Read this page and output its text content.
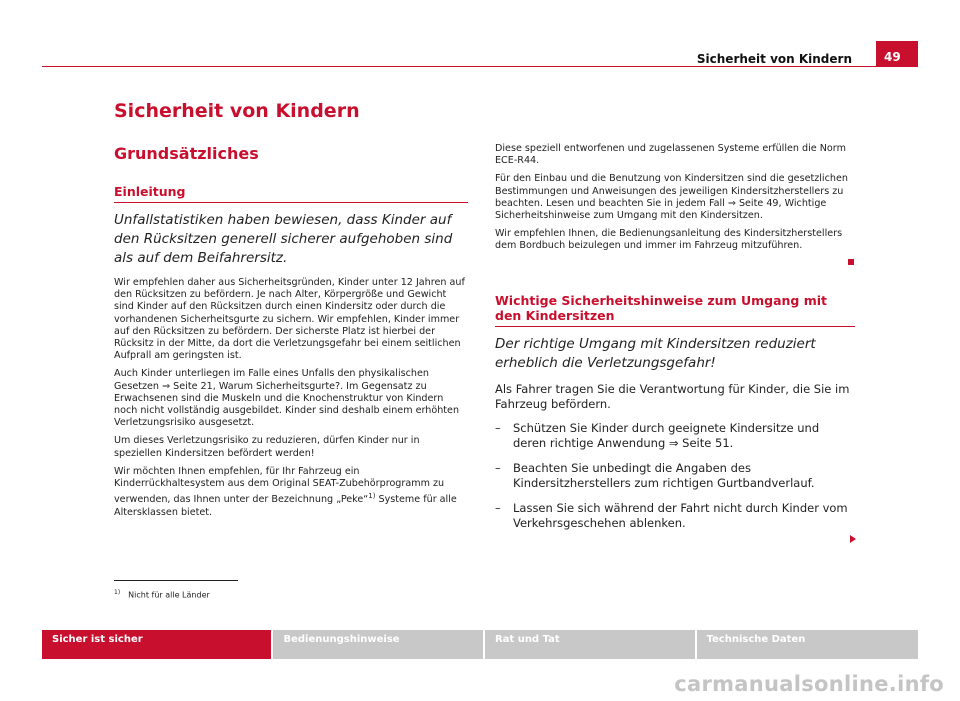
Sicherheit von Kindern	49
Sicherheit von Kindern
Grundsätzliches
Einleitung

Unfallstatistiken haben bewiesen, dass Kinder auf den Rücksitzen generell sicherer aufgehoben sind als auf dem Beifahrersitz.

Wir empfehlen daher aus Sicherheitsgründen, Kinder unter 12 Jahren auf den Rücksitzen zu befördern. Je nach Alter, Körpergröße und Gewicht sind Kinder auf den Rücksitzen durch einen Kindersitz oder durch die vorhandenen Sicherheitsgurte zu sichern. Wir empfehlen, Kinder immer auf den Rücksitzen zu befördern. Der sicherste Platz ist hierbei der Rücksitz in der Mitte, da dort die Verletzungsgefahr bei einem seitlichen Aufprall am geringsten ist.

Auch Kinder unterliegen im Falle eines Unfalls den physikalischen Gesetzen ⇒ Seite 21, Warum Sicherheitsgurte?. Im Gegensatz zu Erwachsenen sind die Muskeln und die Knochenstruktur von Kindern noch nicht vollständig ausgebildet. Kinder sind deshalb einem erhöhten Verletzungsrisiko ausgesetzt.

Um dieses Verletzungsrisiko zu reduzieren, dürfen Kinder nur in speziellen Kindersitzen befördert werden!

Wir möchten Ihnen empfehlen, für Ihr Fahrzeug ein Kinderrückhaltesystem aus dem Original SEAT-Zubehörprogramm zu verwenden, das Ihnen unter der Bezeichnung „Peke“$^{1)}$ Systeme für alle Altersklassen bietet.

Diese speziell entworfenen und zugelassenen Systeme erfüllen die Norm ECE-R44.

Für den Einbau und die Benutzung von Kindersitzen sind die gesetzlichen Bestimmungen und Anweisungen des jeweiligen Kindersitzherstellers zu beachten. Lesen und beachten Sie in jedem Fall ⇒ Seite 49, Wichtige Sicherheitshinweise zum Umgang mit den Kindersitzen.

Wir empfehlen Ihnen, die Bedienungsanleitung des Kindersitzherstellers dem Bordbuch beizulegen und immer im Fahrzeug mitzuführen.

Wichtige Sicherheitshinweise zum Umgang mit den Kindersitzen

Der richtige Umgang mit Kindersitzen reduziert erheblich die Verletzungsgefahr!

Als Fahrer tragen Sie die Verantwortung für Kinder, die Sie im Fahrzeug befördern.

– Schützen Sie Kinder durch geeignete Kindersitze und deren richtige Anwendung ⇒ Seite 51.
– Beachten Sie unbedingt die Angaben des Kindersitzherstellers zum richtigen Gurtbandverlauf.
– Lassen Sie sich während der Fahrt nicht durch Kinder vom Verkehrsgeschehen ablenken.
$^{1)}$ Nicht für alle Länder
Sicher ist sicher	Bedienungshinweise	Rat und Tat	Technische Daten
carmanualsonline.info
